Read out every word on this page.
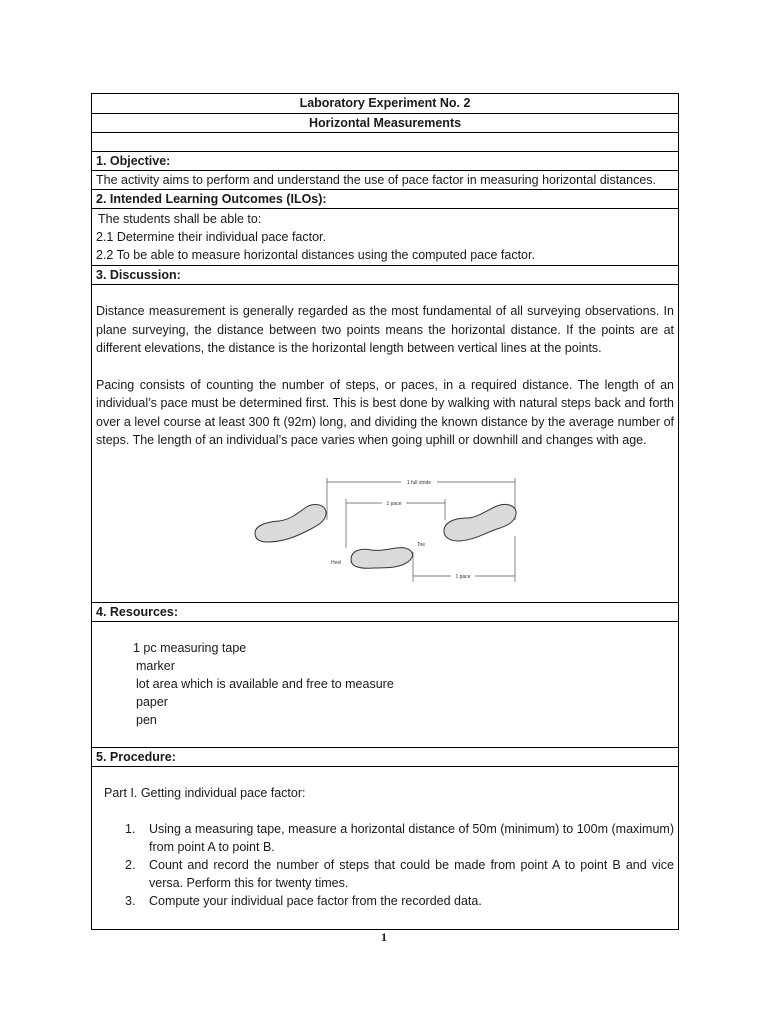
Laboratory Experiment No. 2
Horizontal Measurements
1. Objective:
The activity aims to perform and understand the use of pace factor in measuring horizontal distances.
2. Intended Learning Outcomes (ILOs):
The students shall be able to:
2.1 Determine their individual pace factor.
2.2 To be able to measure horizontal distances using the computed pace factor.
3. Discussion:

Distance measurement is generally regarded as the most fundamental of all surveying observations. In plane surveying, the distance between two points means the horizontal distance. If the points are at different elevations, the distance is the horizontal length between vertical lines at the points.

Pacing consists of counting the number of steps, or paces, in a required distance. The length of an individual’s pace must be determined first. This is best done by walking with natural steps back and forth over a level course at least 300 ft (92m) long, and dividing the known distance by the average number of steps. The length of an individual’s pace varies when going uphill or downhill and changes with age.

1 full stride
1 pace
1 pace
Toe
Heel
4. Resources:
1 pc measuring tape
marker
lot area which is available and free to measure
paper
pen
5. Procedure:
Part I. Getting individual pace factor:
1. Using a measuring tape, measure a horizontal distance of 50m (minimum) to 100m (maximum) from point A to point B.
2. Count and record the number of steps that could be made from point A to point B and vice versa. Perform this for twenty times.
3. Compute your individual pace factor from the recorded data.
1
